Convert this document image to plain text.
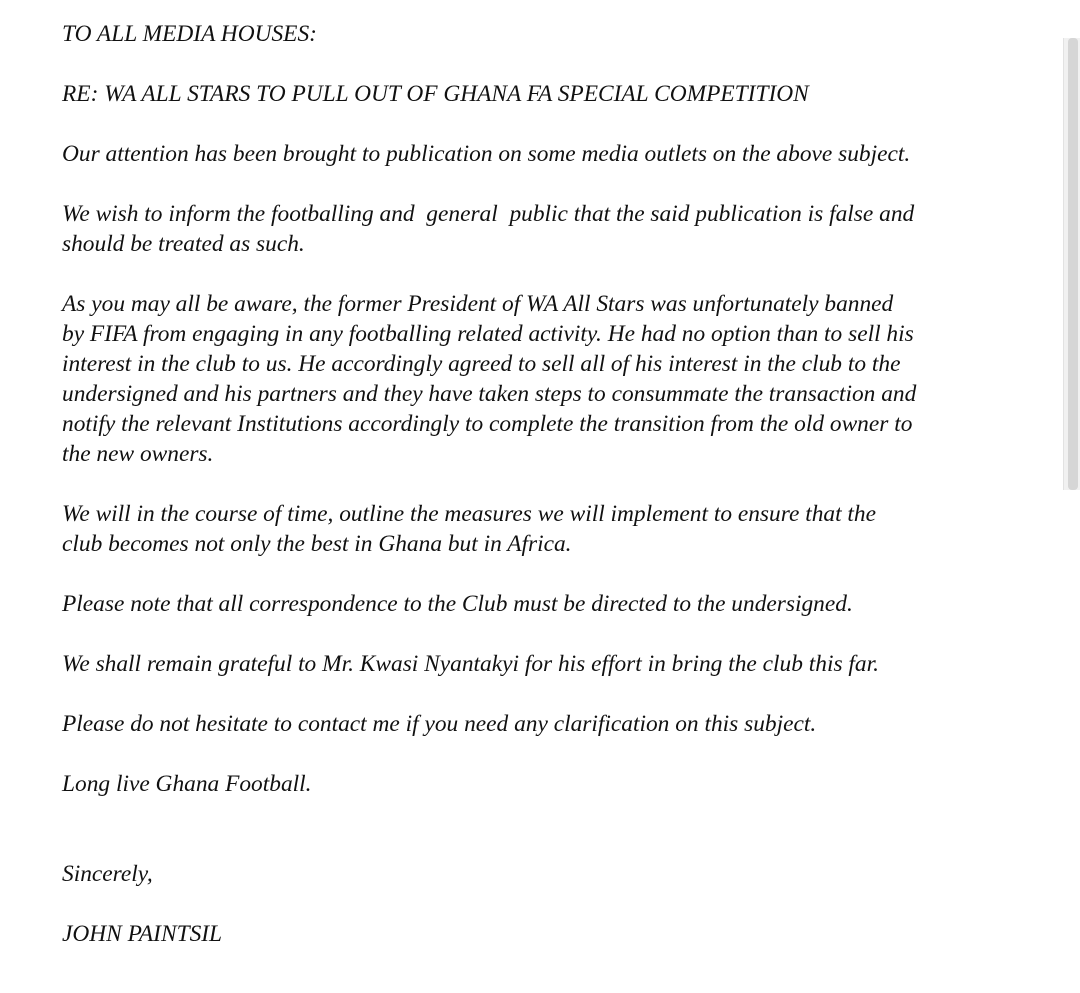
TO ALL MEDIA HOUSES:

RE: WA ALL STARS TO PULL OUT OF GHANA FA SPECIAL COMPETITION

Our attention has been brought to publication on some media outlets on the above subject.

We wish to inform the footballing and  general  public that the said publication is false and
should be treated as such.

As you may all be aware, the former President of WA All Stars was unfortunately banned
by FIFA from engaging in any footballing related activity. He had no option than to sell his
interest in the club to us. He accordingly agreed to sell all of his interest in the club to the
undersigned and his partners and they have taken steps to consummate the transaction and
notify the relevant Institutions accordingly to complete the transition from the old owner to
the new owners.

We will in the course of time, outline the measures we will implement to ensure that the
club becomes not only the best in Ghana but in Africa.

Please note that all correspondence to the Club must be directed to the undersigned.

We shall remain grateful to Mr. Kwasi Nyantakyi for his effort in bring the club this far.

Please do not hesitate to contact me if you need any clarification on this subject.

Long live Ghana Football.

Sincerely,

JOHN PAINTSIL
